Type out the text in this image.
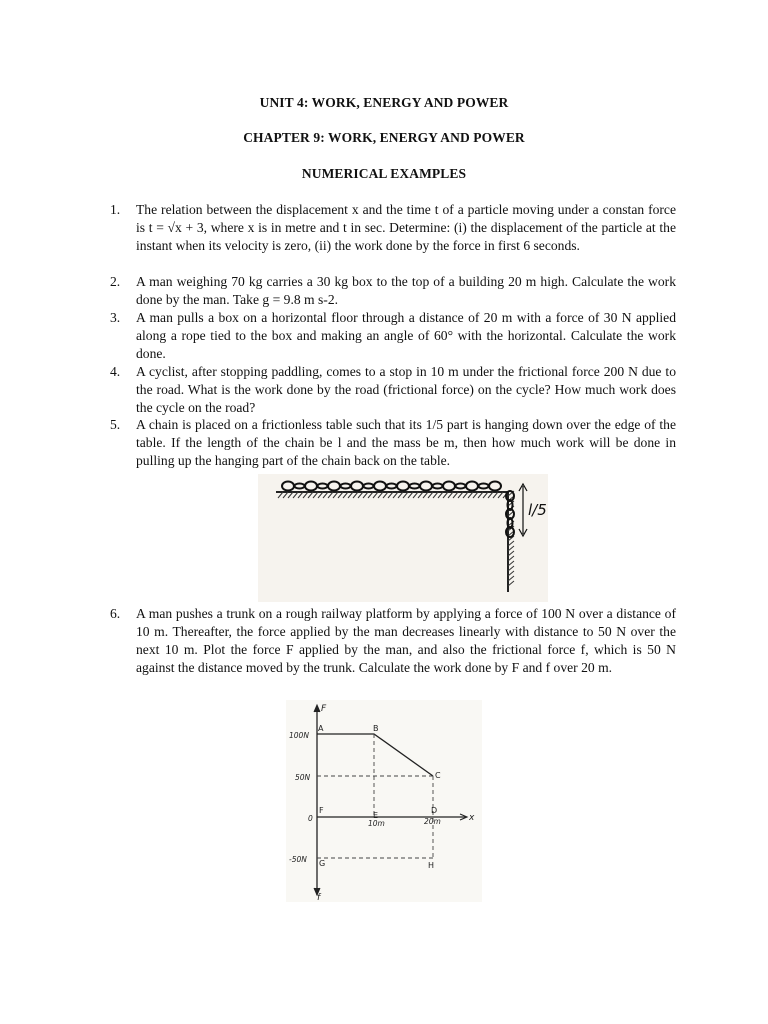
UNIT 4: WORK, ENERGY AND POWER
CHAPTER 9: WORK, ENERGY AND POWER
NUMERICAL EXAMPLES
1.	The relation between the displacement x and the time t of a particle moving under a constan force is t = √x + 3, where x is in metre and t in sec. Determine: (i) the displacement of the particle at the instant when its velocity is zero, (ii) the work done by the force in first 6 seconds.
2.	A man weighing 70 kg carries a 30 kg box to the top of a building 20 m high. Calculate the work done by the man. Take g = 9.8 m s-2.
3.	A man pulls a box on a horizontal floor through a distance of 20 m with a force of 30 N applied along a rope tied to the box and making an angle of 60° with the horizontal. Calculate the work done.
4.	A cyclist, after stopping paddling, comes to a stop in 10 m under the frictional force 200 N due to the road. What is the work done by the road (frictional force) on the cycle? How much work does the cycle on the road?
5.	A chain is placed on a frictionless table such that its 1/5 part is hanging down over the edge of the table. If the length of the chain be l and the mass be m, then how much work will be done in pulling up the hanging part of the chain back on the table.
l/5
6.	A man pushes a trunk on a rough railway platform by applying a force of 100 N over a distance of 10 m. Thereafter, the force applied by the man decreases linearly with distance to 50 N over the next 10 m. Plot the force F applied by the man, and also the frictional force f, which is 50 N against the distance moved by the trunk. Calculate the work done by F and f over 20 m.
F
f
x
100N
50N
0
-50N
10m	20m
A	B
C
D
E
F
G	H
